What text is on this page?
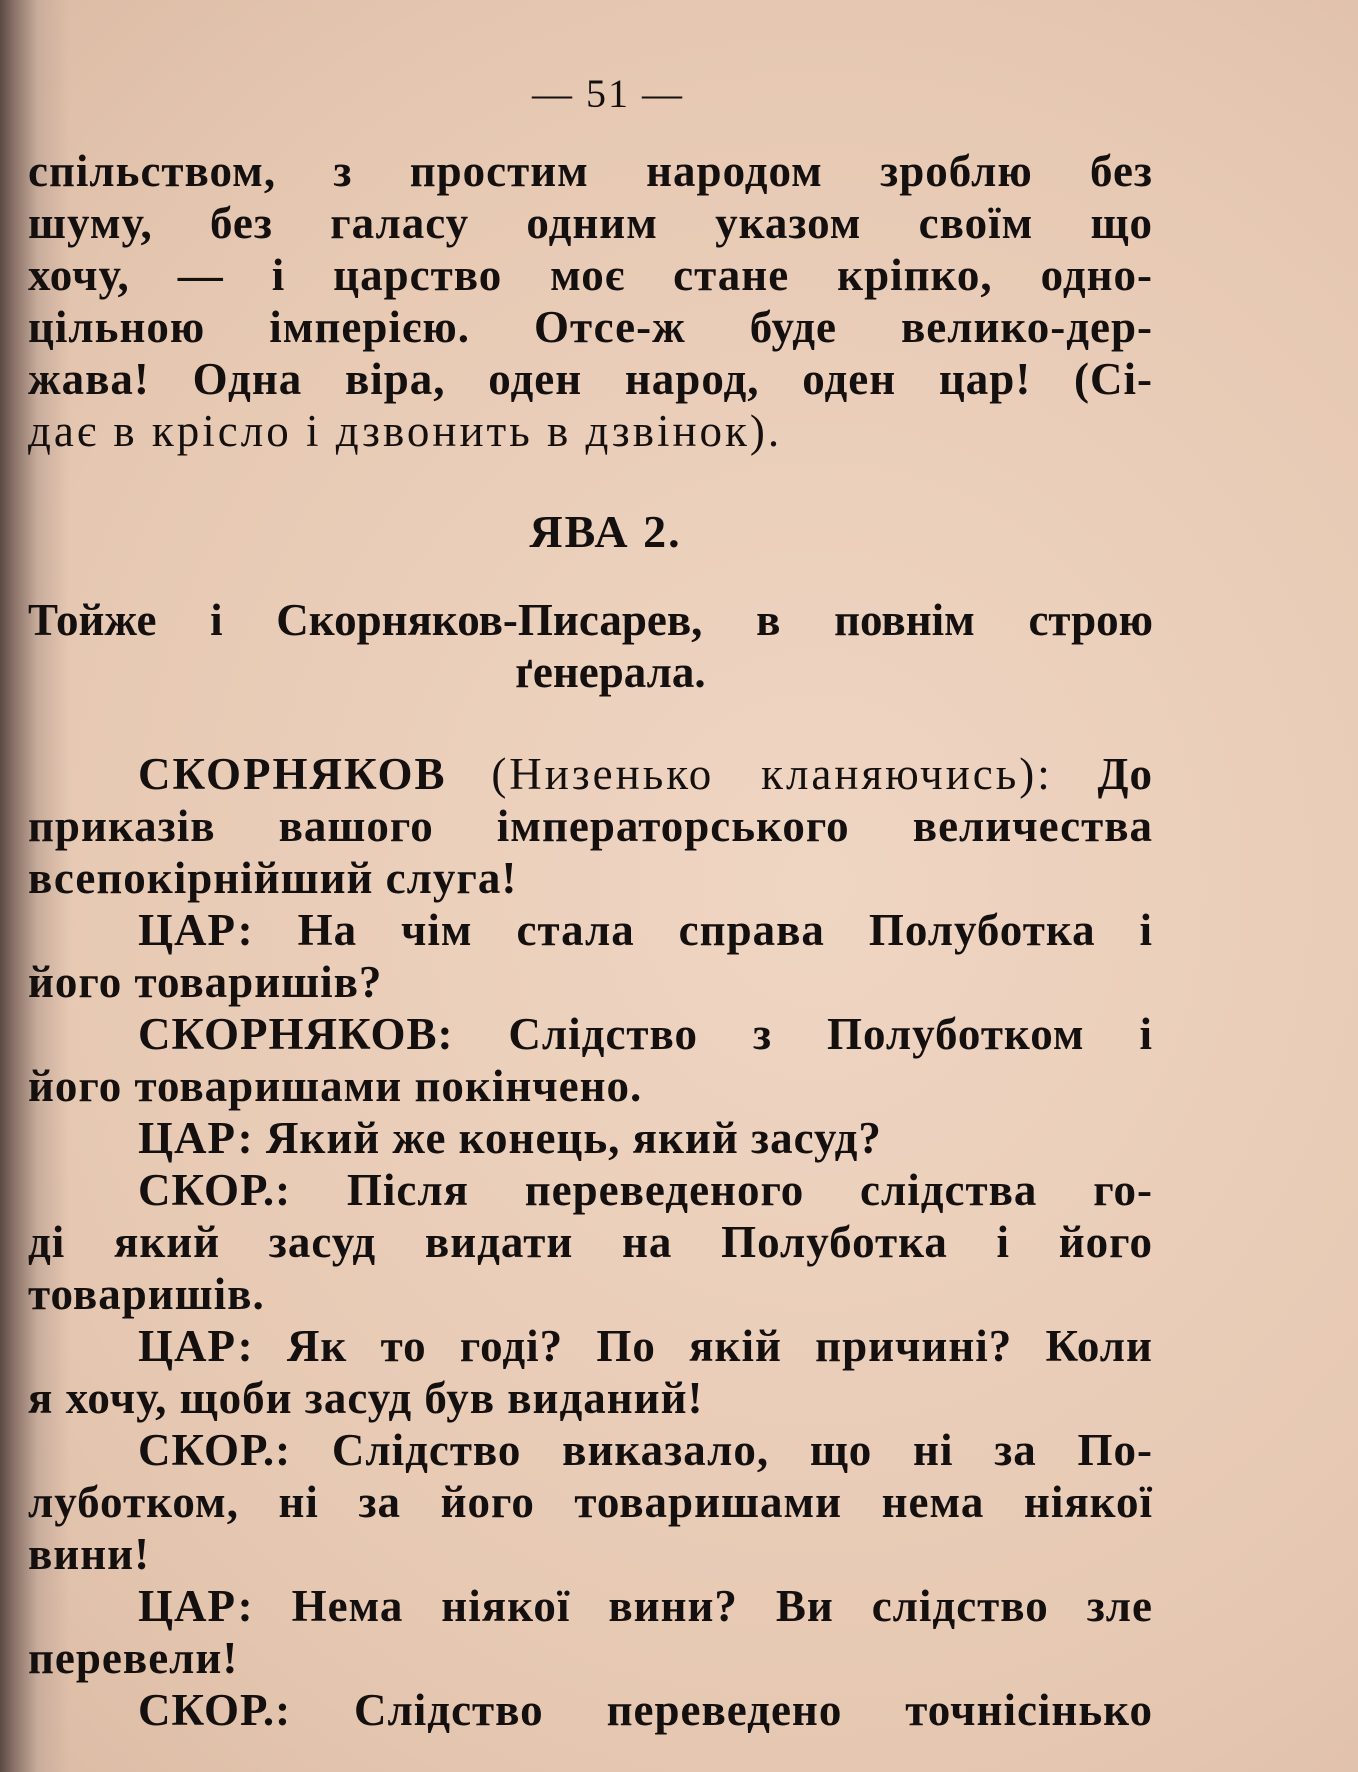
— 51 —
спільством, з простим народом зроблю без
шуму, без галасу одним указом своїм що
хочу, — і царство моє стане кріпко, одно-
цільною імперією. Отсе-ж буде велико-дер-
жава! Одна віра, оден народ, оден цар! (Сі-
дає в крісло і дзвонить в дзвінок).
ЯВА 2.
Тойже і Скорняков-Писарев, в повнім строю
ґенерала.
СКОРНЯКОВ (Низенько кланяючись): До
приказів вашого імператорського величества
всепокірнійший слуга!
ЦАР: На чім стала справа Полуботка і
його товаришів?
СКОРНЯКОВ: Слідство з Полуботком і
його товаришами покінчено.
ЦАР: Який же конець, який засуд?
СКОР.: Після переведеного слідства го-
ді який засуд видати на Полуботка і його
товаришів.
ЦАР: Як то годі? По якій причині? Коли
я хочу, щоби засуд був виданий!
СКОР.: Слідство виказало, що ні за По-
луботком, ні за його товаришами нема ніякої
вини!
ЦАР: Нема ніякої вини? Ви слідство зле
перевели!
СКОР.: Слідство переведено точнісінько
